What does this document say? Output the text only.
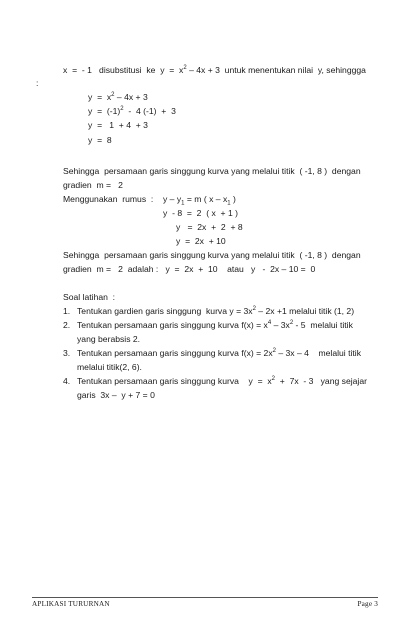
x  =  - 1   disubstitusi  ke  $y = x^2 - 4x + 3$  untuk menentukan nilai  y, sehinggga
:
$y = x^2 - 4x + 3$
$y = (-1)^2 - 4$ (-1)  +  3
y  =   1  + 4  + 3
y  =  8
Sehingga  persamaan garis singgung kurva yang melalui titik  ( -1, 8 )  dengan
gradien  m =   2
Menggunakan  rumus  : $y - y_1 = m$ ( x – $x_1$ )
y  - 8  =  2  ( x  + 1 )
y   =  2x  +  2  + 8
y  =  2x  + 10
Sehingga  persamaan garis singgung kurva yang melalui titik  ( -1, 8 )  dengan
gradien  m =   2  adalah :   y  =  2x  +  10    atau   y   -  2x – 10 =  0
Soal latihan  :
1. Tentukan gardien garis singgung  kurva $y = 3x^2 - 2x +1$ melalui titik (1, 2)
2. Tentukan persamaan garis singgung kurva $f(x) = x^4 - 3x^2 - 5$  melalui titik
yang berabsis 2.
3. Tentukan persamaan garis singgung kurva $f(x) = 2x^2 - 3x - 4$    melalui titik
melalui titik(2, 6).
4. Tentukan persamaan garis singgung kurva    $y = x^2 + 7x - 3$   yang sejajar
garis  3x –  y + 7 = 0
APLIKASI TURURNAN	Page 3
